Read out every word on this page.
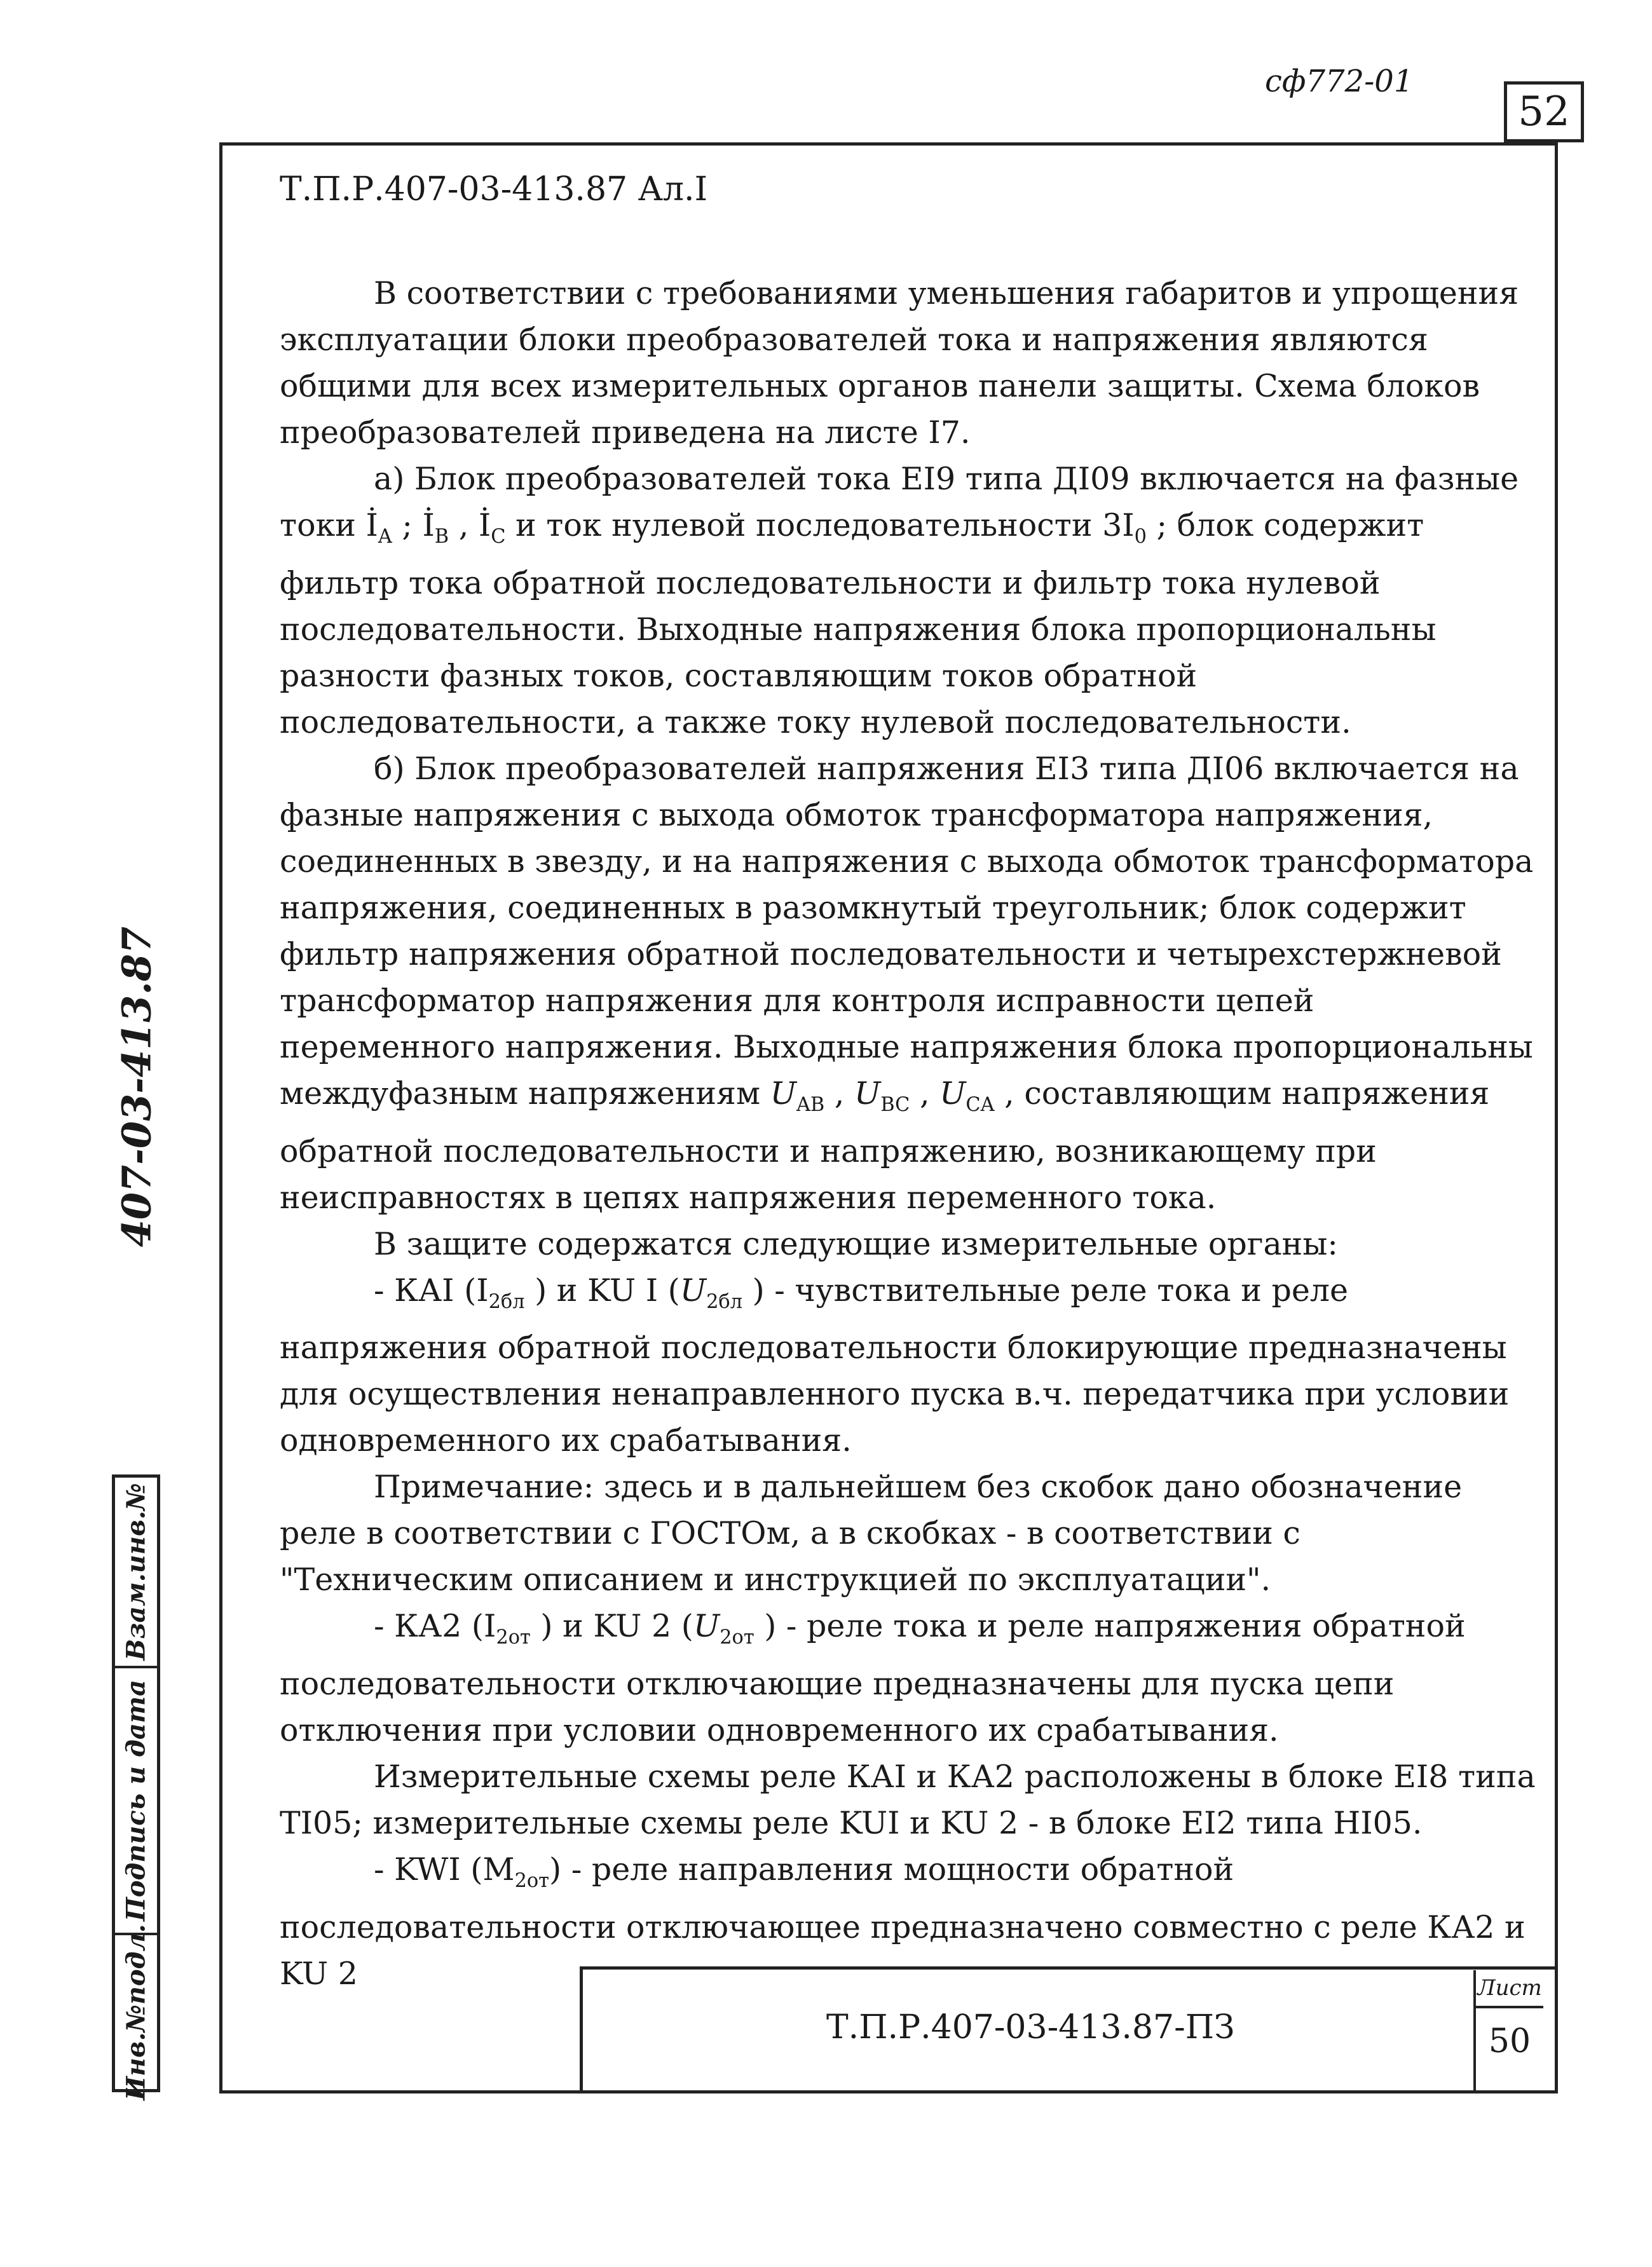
сф772-01
52
Т.П.Р.407-03-413.87 Ал.I

В соответствии с требованиями уменьшения габаритов и упрощения эксплуатации блоки преобразователей тока и напряжения являются общими для всех измерительных органов панели защиты. Схема блоков преобразователей приведена на листе I7.

а) Блок преобразователей тока EI9 типа ДI09 включается на фазные токи $İ_A$ ; $İ_B$ , $İ_C$ и ток нулевой последовательности $3I_0$ ; блок содержит фильтр тока обратной последовательности и фильтр тока нулевой последовательности. Выходные напряжения блока пропорциональны разности фазных токов, составляющим токов обратной последовательности, а также току нулевой последовательности.

б) Блок преобразователей напряжения EI3 типа ДI06 включается на фазные напряжения с выхода обмоток трансформатора напряжения, соединенных в звезду, и на напряжения с выхода обмоток трансформатора напряжения, соединенных в разомкнутый треугольник; блок содержит фильтр напряжения обратной последовательности и четырехстержневой трансформатор напряжения для контроля исправности цепей переменного напряжения. Выходные напряжения блока пропорциональны междуфазным напряжениям $U_{AB}$ , $U_{BC}$ , $U_{CA}$ , составляющим напряжения обратной последовательности и напряжению, возникающему при неисправностях в цепях напряжения переменного тока.

В защите содержатся следующие измерительные органы:

- КАI ($I_{2бл}$ ) и KU I ($U_{2бл}$ ) - чувствительные реле тока и реле напряжения обратной последовательности блокирующие предназначены для осуществления ненаправленного пуска в.ч. передатчика при условии одновременного их срабатывания.

Примечание: здесь и в дальнейшем без скобок дано обозначение реле в соответствии с ГОСТОм, а в скобках - в соответствии с "Техническим описанием и инструкцией по эксплуатации".

- КА2 ($I_{2от}$ ) и KU 2 ($U_{2от}$ ) - реле тока и реле напряжения обратной последовательности отключающие предназначены для пуска цепи отключения при условии одновременного их срабатывания.

Измерительные схемы реле КАI и КА2 расположены в блоке EI8 типа TI05; измерительные схемы реле KUI и KU 2 - в блоке EI2 типа HI05.

- KWI $(M_{2от})$ - реле направления мощности обратной последовательности отключающее предназначено совместно с реле КА2 и KU 2

407-03-413.87
Взам.инв.№
Подпись и дата
Инв.№подл.	Т.П.Р.407-03-413.87-ПЗ
Лист
50
